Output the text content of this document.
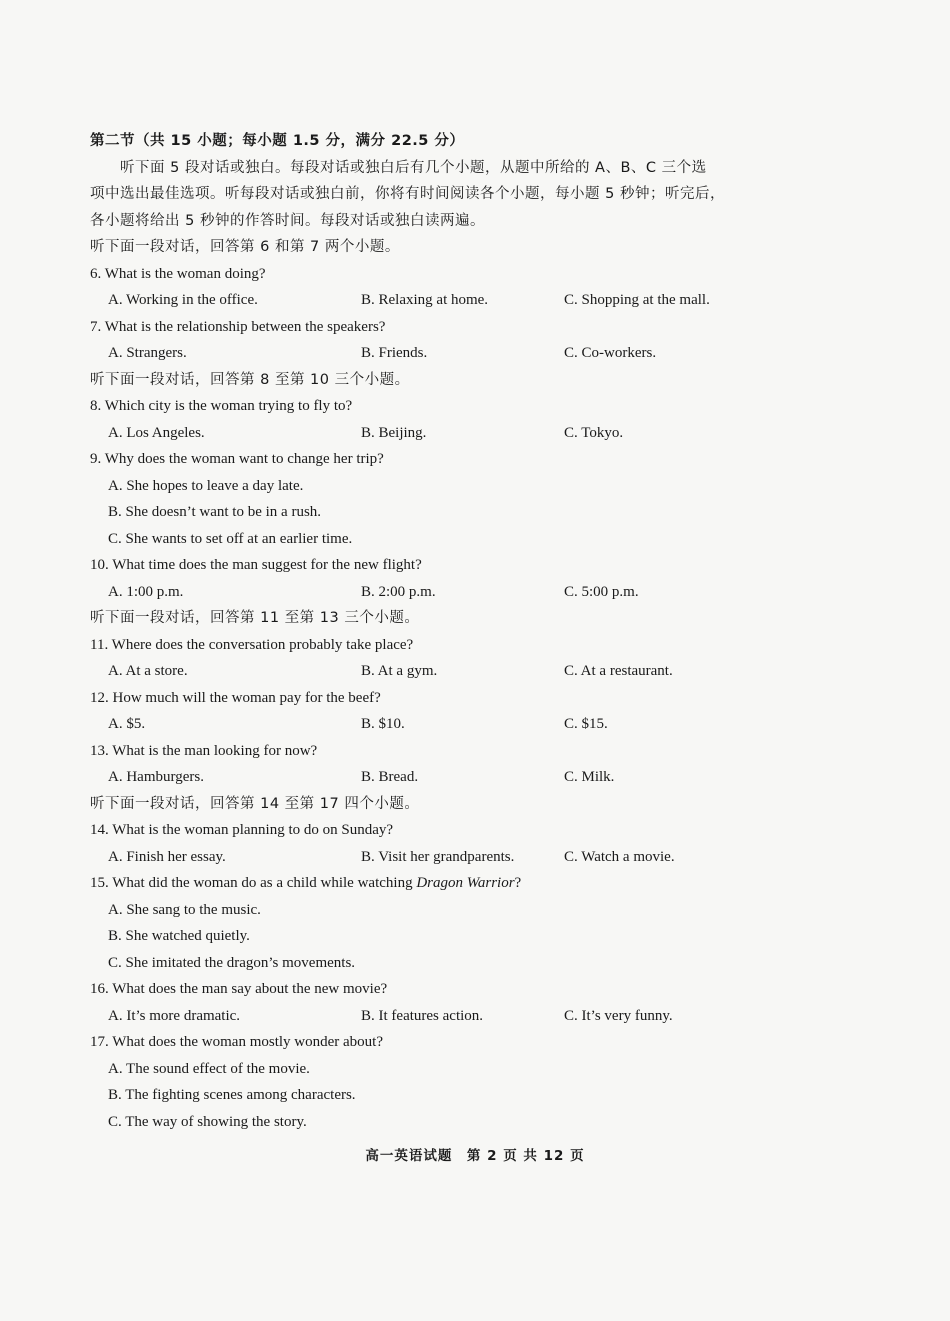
第二节（共 15 小题；每小题 1.5 分，满分 22.5 分）
听下面 5 段对话或独白。每段对话或独白后有几个小题，从题中所给的 A、B、C 三个选
项中选出最佳选项。听每段对话或独白前，你将有时间阅读各个小题，每小题 5 秒钟；听完后，
各小题将给出 5 秒钟的作答时间。每段对话或独白读两遍。
听下面一段对话，回答第 6 和第 7 两个小题。
6. What is the woman doing?
A. Working in the office.	B. Relaxing at home.	C. Shopping at the mall.
7. What is the relationship between the speakers?
A. Strangers.	B. Friends.	C. Co-workers.
听下面一段对话，回答第 8 至第 10 三个小题。
8. Which city is the woman trying to fly to?
A. Los Angeles.	B. Beijing.	C. Tokyo.
9. Why does the woman want to change her trip?
A. She hopes to leave a day late.
B. She doesn’t want to be in a rush.
C. She wants to set off at an earlier time.
10. What time does the man suggest for the new flight?
A. 1:00 p.m.	B. 2:00 p.m.	C. 5:00 p.m.
听下面一段对话，回答第 11 至第 13 三个小题。
11. Where does the conversation probably take place?
A. At a store.	B. At a gym.	C. At a restaurant.
12. How much will the woman pay for the beef?
A. $5.	B. $10.	C. $15.
13. What is the man looking for now?
A. Hamburgers.	B. Bread.	C. Milk.
听下面一段对话，回答第 14 至第 17 四个小题。
14. What is the woman planning to do on Sunday?
A. Finish her essay.	B. Visit her grandparents.	C. Watch a movie.
15. What did the woman do as a child while watching Dragon Warrior?
A. She sang to the music.
B. She watched quietly.
C. She imitated the dragon’s movements.
16. What does the man say about the new movie?
A. It’s more dramatic.	B. It features action.	C. It’s very funny.
17. What does the woman mostly wonder about?
A. The sound effect of the movie.
B. The fighting scenes among characters.
C. The way of showing the story.
高一英语试题　第 2 页 共 12 页
